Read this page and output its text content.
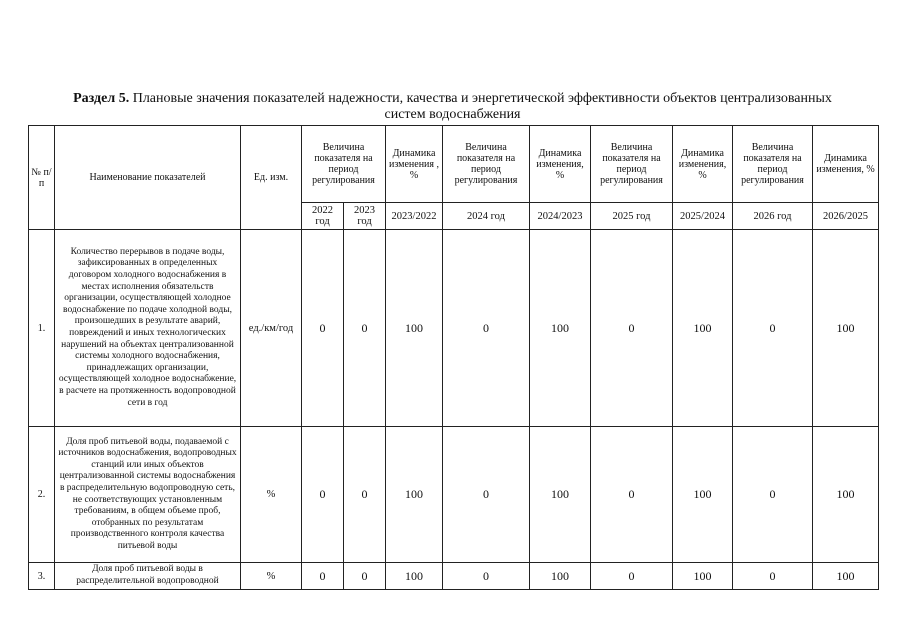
Раздел 5. Плановые значения показателей надежности, качества и энергетической эффективности объектов централизованных систем водоснабжения
№ п/п	Наименование показателей	Ед. изм.	Величина показателя на период регулирования		Динамика изменения , %	Величина показателя на период регулирования	Динамика изменения, %	Величина показателя на период регулирования	Динамика изменения, %	Величина показателя на период регулирования	Динамика изменения, %
			2022 год	2023 год	2023/2022	2024 год	2024/2023	2025 год	2025/2024	2026 год	2026/2025
1.	Количество перерывов в подаче воды, зафиксированных в определенных договором холодного водоснабжения в местах исполнения обязательств организации, осуществляющей холодное водоснабжение по подаче холодной воды, произошедших в результате аварий, повреждений и иных технологических нарушений на объектах централизованной системы холодного водоснабжения, принадлежащих организации, осуществляющей холодное водоснабжение, в расчете на протяженность водопроводной сети в год	ед./км/год	0	0	100	0	100	0	100	0	100
2.	Доля проб питьевой воды, подаваемой с источников водоснабжения, водопроводных станций или иных объектов централизованной системы водоснабжения в распределительную водопроводную сеть, не соответствующих установленным требованиям, в общем объеме проб, отобранных по результатам производственного контроля качества питьевой воды	%	0	0	100	0	100	0	100	0	100
3.	Доля проб питьевой воды в распределительной водопроводной	%	0	0	100	0	100	0	100	0	100
